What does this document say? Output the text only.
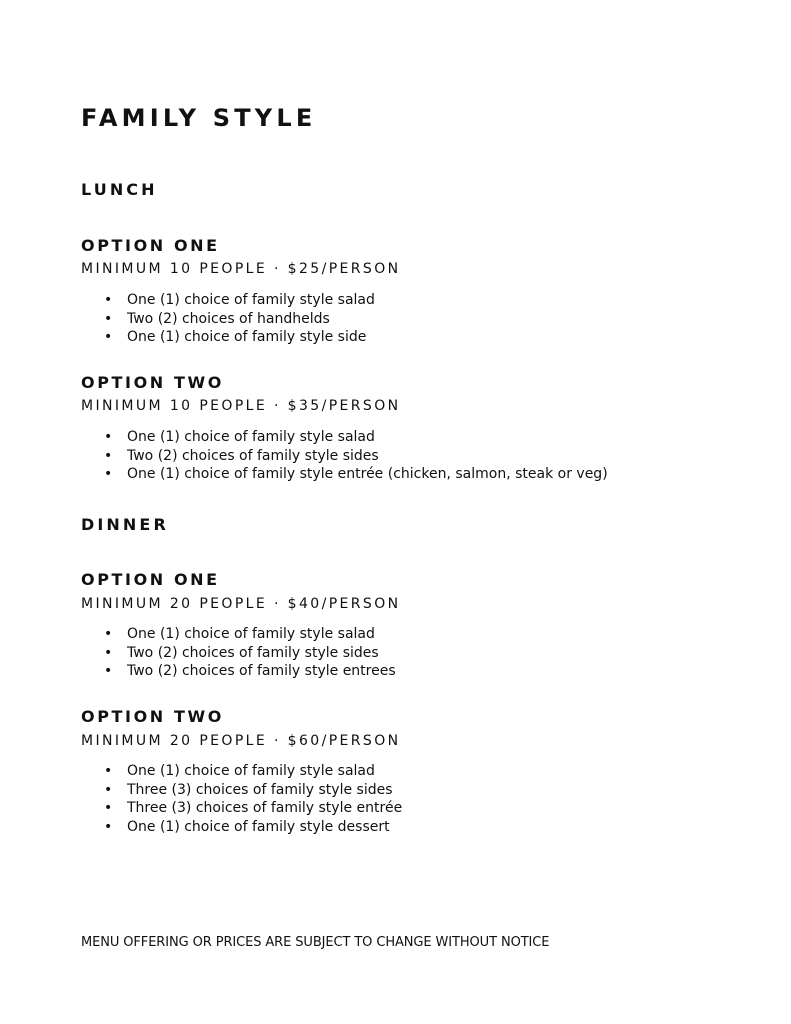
FAMILY STYLE
LUNCH
OPTION ONE
MINIMUM 10 PEOPLE · $25/PERSON
•	One (1) choice of family style salad
•	Two (2) choices of handhelds
•	One (1) choice of family style side
OPTION TWO
MINIMUM 10 PEOPLE · $35/PERSON
•	One (1) choice of family style salad
•	Two (2) choices of family style sides
•	One (1) choice of family style entrée (chicken, salmon, steak or veg)
DINNER
OPTION ONE
MINIMUM 20 PEOPLE · $40/PERSON
•	One (1) choice of family style salad
•	Two (2) choices of family style sides
•	Two (2) choices of family style entrees
OPTION TWO
MINIMUM 20 PEOPLE · $60/PERSON
•	One (1) choice of family style salad
•	Three (3) choices of family style sides
•	Three (3) choices of family style entrée
•	One (1) choice of family style dessert

MENU OFFERING OR PRICES ARE SUBJECT TO CHANGE WITHOUT NOTICE
